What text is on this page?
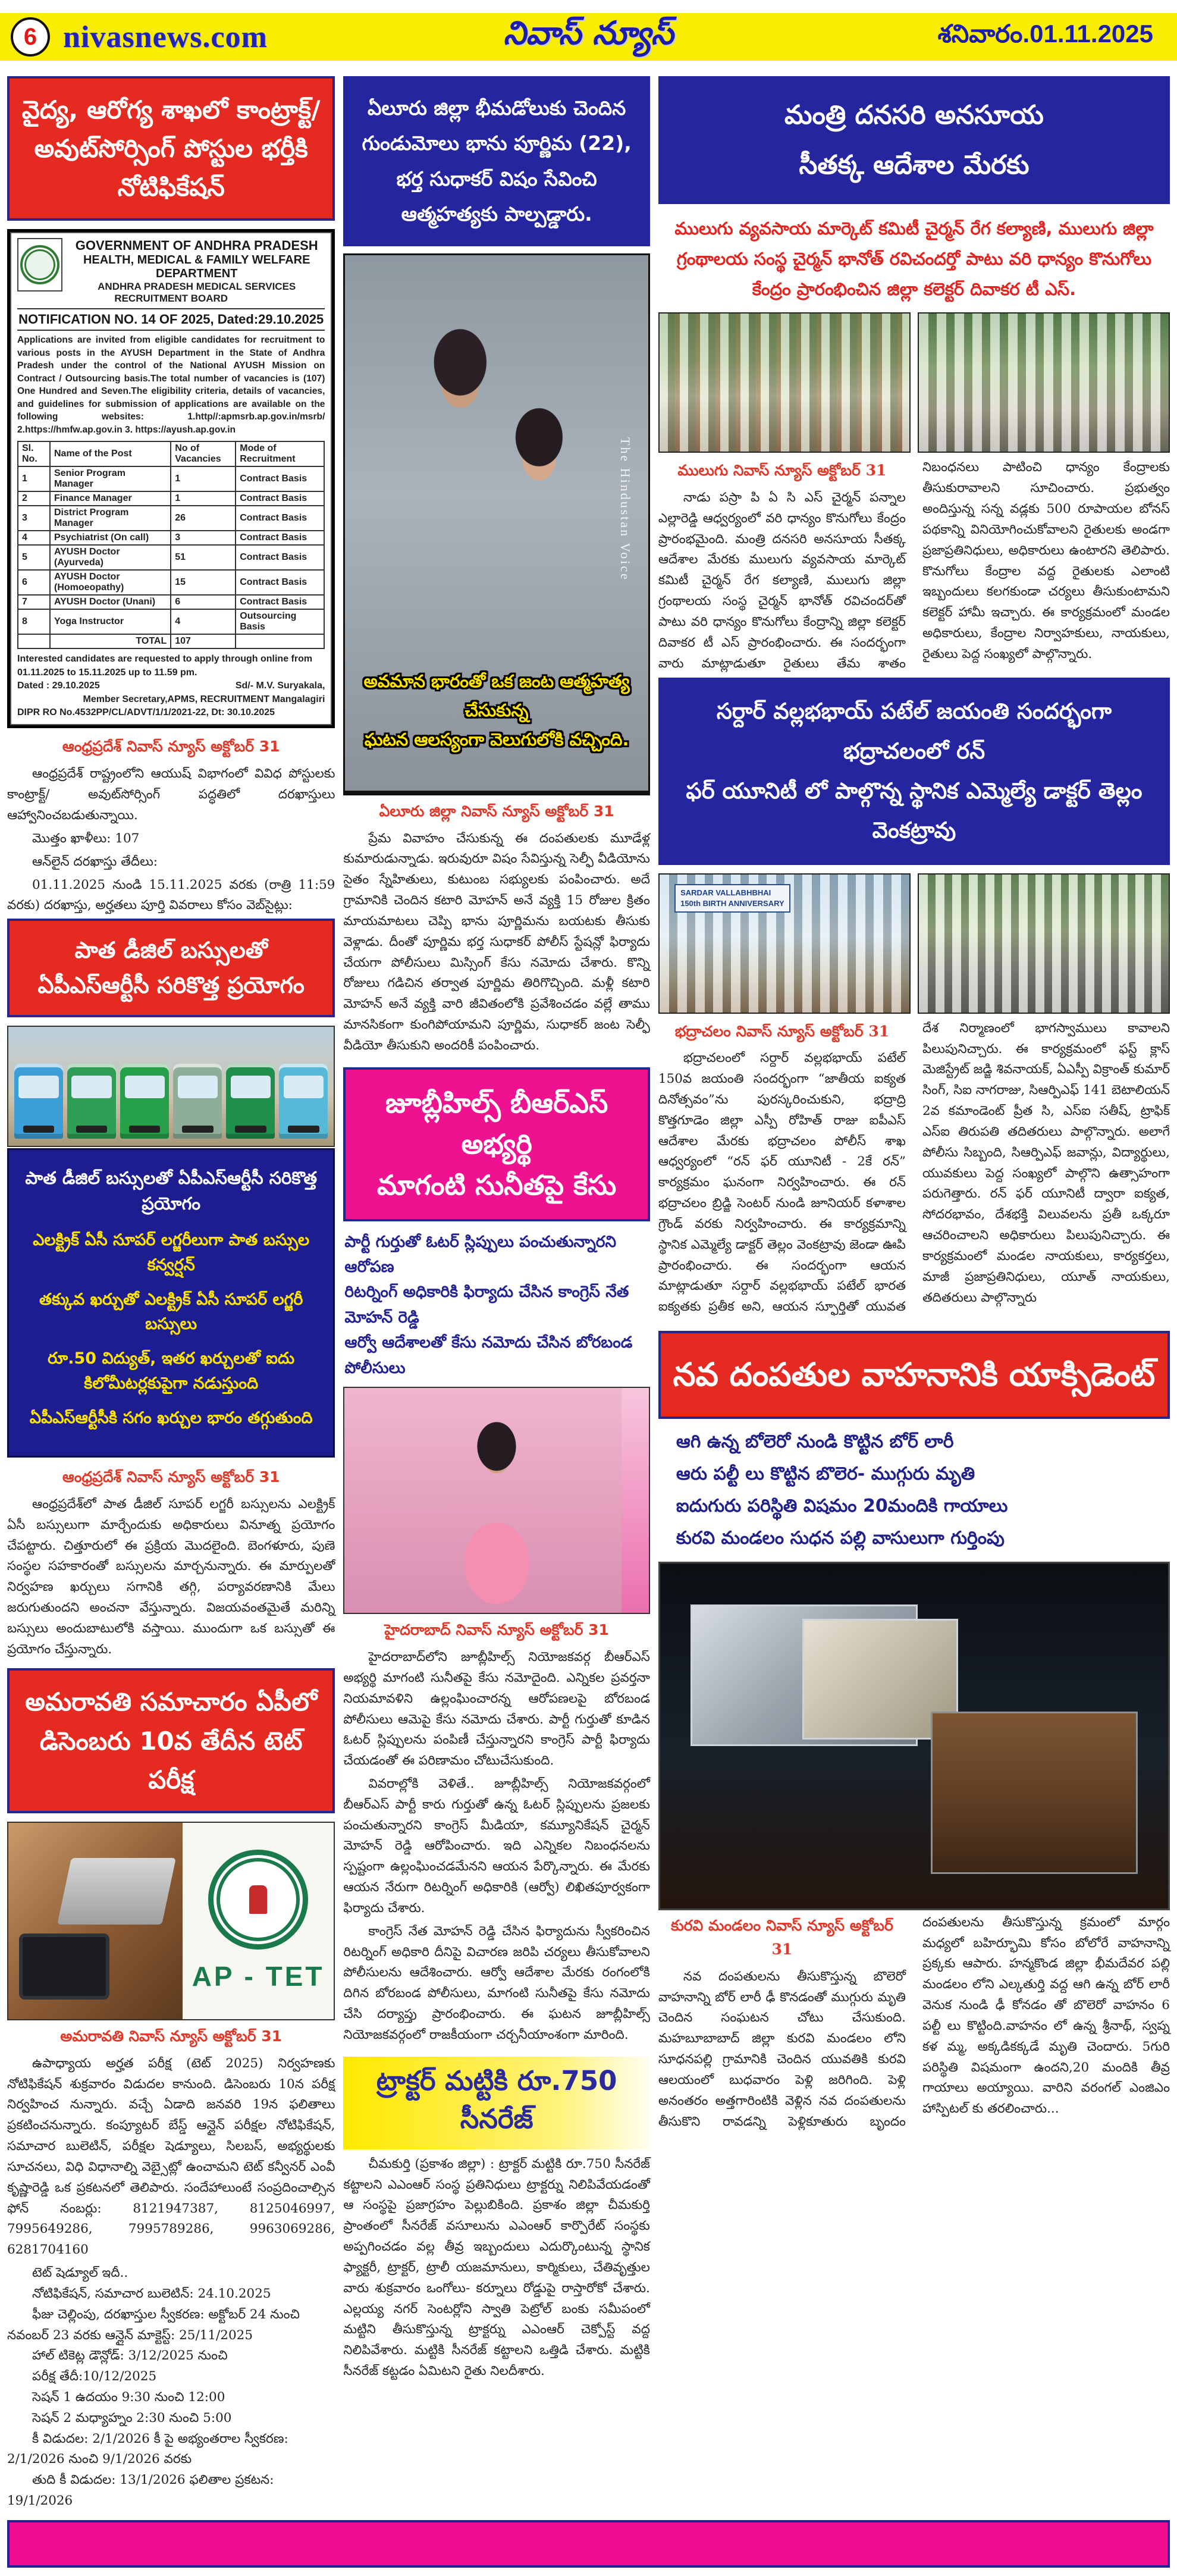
6 nivasnews.com	నివాస్ న్యూస్	శనివారం.01.11.2025
వైద్య, ఆరోగ్య శాఖలో కాంట్రాక్ట్/
అవుట్‌సోర్సింగ్ పోస్టుల భర్తీకి నోటిఫికేషన్
GOVERNMENT OF ANDHRA PRADESH
HEALTH, MEDICAL & FAMILY WELFARE DEPARTMENT
ANDHRA PRADESH MEDICAL SERVICES RECRUITMENT BOARD
NOTIFICATION NO. 14 OF 2025, Dated:29.10.2025
Applications are invited from eligible candidates for recruitment to various posts in the AYUSH Department in the State of Andhra Pradesh under the control of the National AYUSH Mission on Contract / Outsourcing basis.The total number of vacancies is (107) One Hundred and Seven.The eligibility criteria, details of vacancies, and guidelines for submission of applications are available on the following websites: 1.http//:apmsrb.ap.gov.in/msrb/ 2.https://hmfw.ap.gov.in 3. https://ayush.ap.gov.in
Sl. No.	Name of the Post	No of Vacancies	Mode of Recruitment
1	Senior Program Manager	1	Contract Basis
2	Finance Manager	1	Contract Basis
3	District Program Manager	26	Contract Basis
4	Psychiatrist (On call)	3	Contract Basis
5	AYUSH Doctor (Ayurveda)	51	Contract Basis
6	AYUSH Doctor (Homoeopathy)	15	Contract Basis
7	AYUSH Doctor (Unani)	6	Contract Basis
8	Yoga Instructor	4	Outsourcing Basis
	TOTAL	107	
Interested candidates are requested to apply through online from 01.11.2025 to 15.11.2025 up to 11.59 pm.
Dated : 29.10.2025	Sd/- M.V. Suryakala,
Member Secretary,APMS, RECRUITMENT Mangalagiri
DIPR RO No.4532PP/CL/ADVT/1/1/2021-22, Dt: 30.10.2025
ఆంధ్రప్రదేశ్ నివాస్ న్యూస్ అక్టోబర్ 31

ఆంధ్రప్రదేశ్ రాష్ట్రంలోని ఆయుష్ విభాగంలో వివిధ పోస్టులకు కాంట్రాక్ట్/ అవుట్‌సోర్సింగ్ పద్ధతిలో దరఖాస్తులు ఆహ్వానించబడుతున్నాయి.

మొత్తం ఖాళీలు: 107

ఆన్‌లైన్ దరఖాస్తు తేదీలు:

01.11.2025 నుండి 15.11.2025 వరకు (రాత్రి 11:59 వరకు) దరఖాస్తు, అర్హతలు పూర్తి వివరాలు కోసం వెబ్‌సైట్లు:

పాత డీజిల్ బస్సులతో
ఏపీఎస్ఆర్టీసీ సరికొత్త ప్రయోగం
పాత డీజిల్ బస్సులతో ఏపీఎస్ఆర్టీసీ సరికొత్త ప్రయోగం
ఎలక్ట్రిక్ ఏసీ సూపర్ లగ్జరీలుగా పాత బస్సుల కన్వర్షన్
తక్కువ ఖర్చుతో ఎలక్ట్రిక్ ఏసీ సూపర్ లగ్జరీ బస్సులు
రూ.50 విద్యుత్, ఇతర ఖర్చులతో ఐదు కిలోమీటర్లకుపైగా నడుస్తుంది
ఏపీఎస్ఆర్టీసీకి సగం ఖర్చుల భారం తగ్గుతుంది
ఆంధ్రప్రదేశ్ నివాస్ న్యూస్ అక్టోబర్ 31

ఆంధ్రప్రదేశ్‌లో పాత డీజిల్ సూపర్ లగ్జరీ బస్సులను ఎలక్ట్రిక్ ఏసీ బస్సులుగా మార్చేందుకు అధికారులు వినూత్న ప్రయోగం చేపట్టారు. చిత్తూరులో ఈ ప్రక్రియ మొదలైంది. బెంగళూరు, పుణె సంస్థల సహకారంతో బస్సులను మార్చనున్నారు. ఈ మార్పులతో నిర్వహణ ఖర్చులు సగానికి తగ్గి, పర్యావరణానికి మేలు జరుగుతుందని అంచనా వేస్తున్నారు. విజయవంతమైతే మరిన్ని బస్సులు అందుబాటులోకి వస్తాయి. ముందుగా ఒక బస్సుతో ఈ ప్రయోగం చేస్తున్నారు.

అమరావతి సమాచారం ఏపీలో
డిసెంబరు 10వ తేదీన టెట్ పరీక్ష
AP - TET
అమరావతి నివాస్ న్యూస్ అక్టోబర్ 31

ఉపాధ్యాయ అర్హత పరీక్ష (టెట్ 2025) నిర్వహణకు నోటిఫికేషన్ శుక్రవారం విడుదల కానుంది. డిసెంబరు 10న పరీక్ష నిర్వహించ నున్నారు. వచ్చే ఏడాది జనవరి 19న ఫలితాలు ప్రకటించనున్నారు. కంప్యూటర్ బేస్డ్ ఆన్లైన్ పరీక్షల నోటిఫికేషన్, సమాచార బులెటిన్, పరీక్షల షెడ్యూలు, సిలబస్, అభ్యర్థులకు సూచనలు, విధి విధానాల్ని వెబ్సైట్లో ఉంచామని టెట్ కన్వీనర్ ఎంవీ కృష్ణారెడ్డి ఒక ప్రకటనలో తెలిపారు. సందేహాలుంటే సంప్రదించాల్సిన ఫోన్ నంబర్లు: 8121947387, 8125046997, 7995649286, 7995789286, 9963069286, 6281704160

టెట్ షెడ్యూల్ ఇదీ..
నోటిఫికేషన్, సమాచార బులెటిన్: 24.10.2025
ఫీజు చెల్లింపు, దరఖాస్తుల స్వీకరణ: అక్టోబర్ 24 నుంచి నవంబర్ 23 వరకు ఆన్లైన్ మాక్టెస్ట్: 25/11/2025
హాల్ టికెట్ల డౌన్లోడ్: 3/12/2025 నుంచి
పరీక్ష తేదీ:10/12/2025
సెషన్ 1 ఉదయం 9:30 నుంచి 12:00
సెషన్ 2 మధ్యాహ్నం 2:30 నుంచి 5:00
కీ విడుదల: 2/1/2026 కీ పై అభ్యంతరాల స్వీకరణ: 2/1/2026 నుంచి 9/1/2026 వరకు
తుది కీ విడుదల: 13/1/2026 ఫలితాల ప్రకటన: 19/1/2026
ఏలూరు జిల్లా భీమడోలుకు చెందిన గుండుమోలు భాను పూర్ణిమ (22), భర్త సుధాకర్ విషం సేవించి ఆత్మహత్యకు పాల్పడ్డారు.
The Hindustan Voice
అవమాన భారంతో ఒక జంట ఆత్మహత్య చేసుకున్న
ఘటన ఆలస్యంగా వెలుగులోకి వచ్చింది.
ఏలూరు జిల్లా నివాస్ న్యూస్ అక్టోబర్ 31

ప్రేమ వివాహం చేసుకున్న ఈ దంపతులకు మూడేళ్ల కుమారుడున్నాడు. ఇరువురూ విషం సేవిస్తున్న సెల్ఫీ వీడియోను సైతం స్నేహితులు, కుటుంబ సభ్యులకు పంపించారు. అదే గ్రామానికి చెందిన కటారి మోహన్ అనే వ్యక్తి 15 రోజుల క్రితం మాయమాటలు చెప్పి భాను పూర్ణిమను బయటకు తీసుకు వెళ్లాడు. దీంతో పూర్ణిమ భర్త సుధాకర్ పోలీస్ స్టేషన్లో ఫిర్యాదు చేయగా పోలీసులు మిస్సింగ్ కేసు నమోదు చేశారు. కొన్ని రోజులు గడిచిన తర్వాత పూర్ణిమ తిరిగొచ్చింది. మళ్లీ కటారి మోహన్ అనే వ్యక్తి వారి జీవితంలోకి ప్రవేశించడం వల్లే తాము మానసికంగా కుంగిపోయామని పూర్ణిమ, సుధాకర్ జంట సెల్ఫీ వీడియో తీసుకుని అందరికీ పంపించారు.

జూబ్లీహిల్స్ బీఆర్ఎస్ అభ్యర్థి
మాగంటి సునీతపై కేసు
పార్టీ గుర్తుతో ఓటర్ స్లిప్పులు పంచుతున్నారని ఆరోపణ
రిటర్నింగ్ అధికారికి ఫిర్యాదు చేసిన కాంగ్రెస్ నేత మోహన్ రెడ్డి
ఆర్వో ఆదేశాలతో కేసు నమోదు చేసిన బోరబండ పోలీసులు
హైదరాబాద్ నివాస్ న్యూస్ అక్టోబర్ 31

హైదరాబాద్‌లోని జూబ్లీహిల్స్ నియోజకవర్గ బీఆర్ఎస్ అభ్యర్థి మాగంటి సునీతపై కేసు నమోదైంది. ఎన్నికల ప్రవర్తనా నియమావళిని ఉల్లంఘించారన్న ఆరోపణలపై బోరబండ పోలీసులు ఆమెపై కేసు నమోదు చేశారు. పార్టీ గుర్తుతో కూడిన ఓటర్ స్లిప్పులను పంపిణీ చేస్తున్నారని కాంగ్రెస్ పార్టీ ఫిర్యాదు చేయడంతో ఈ పరిణామం చోటుచేసుకుంది.

వివరాల్లోకి వెళితే.. జూబ్లీహిల్స్ నియోజకవర్గంలో బీఆర్ఎస్ పార్టీ కారు గుర్తుతో ఉన్న ఓటర్ స్లిప్పులను ప్రజలకు పంచుతున్నారని కాంగ్రెస్ మీడియా, కమ్యూనికేషన్ చైర్మన్ మోహన్ రెడ్డి ఆరోపించారు. ఇది ఎన్నికల నిబంధనలను స్పష్టంగా ఉల్లంఘించడమేనని ఆయన పేర్కొన్నారు. ఈ మేరకు ఆయన నేరుగా రిటర్నింగ్ అధికారికి (ఆర్వో) లిఖితపూర్వకంగా ఫిర్యాదు చేశారు.

కాంగ్రెస్ నేత మోహన్ రెడ్డి చేసిన ఫిర్యాదును స్వీకరించిన రిటర్నింగ్ అధికారి దీనిపై విచారణ జరిపి చర్యలు తీసుకోవాలని పోలీసులను ఆదేశించారు. ఆర్వో ఆదేశాల మేరకు రంగంలోకి దిగిన బోరబండ పోలీసులు, మాగంటి సునీతపై కేసు నమోదు చేసి దర్యాప్తు ప్రారంభించారు. ఈ ఘటన జూబ్లీహిల్స్ నియోజకవర్గంలో రాజకీయంగా చర్చనీయాంశంగా మారింది.

ట్రాక్టర్ మట్టికి రూ.750 సీనరేజ్

చీమకుర్తి (ప్రకాశం జిల్లా) : ట్రాక్టర్ మట్టికి రూ.750 సీనరేజ్ కట్టాలని ఎఎంఆర్ సంస్థ ప్రతినిధులు ట్రాక్టర్ను నిలిపివేయడంతో ఆ సంస్థపై ప్రజాగ్రహం పెల్లుబికింది. ప్రకాశం జిల్లా చీమకుర్తి ప్రాంతంలో సీనరేజ్ వసూలును ఎఎంఆర్ కార్పొరేట్ సంస్థకు అప్పగించడం వల్ల తీవ్ర ఇబ్బందులు ఎదుర్కొంటున్న స్థానిక ఫ్యాక్టరీ, ట్రాక్టర్, ట్రాలీ యజమానులు, కార్మికులు, చేతివృత్తుల వారు శుక్రవారం ఒంగోలు- కర్నూలు రోడ్డుపై రాస్తారోకో చేశారు. ఎల్లయ్య నగర్ సెంటర్లోని స్వాతి పెట్రోల్ బంకు సమీపంలో మట్టిని తీసుకొస్తున్న ట్రాక్టర్ను ఎఎంఆర్ చెక్పోస్ట్ వద్ద నిలిపివేశారు. మట్టికి సీనరేజ్ కట్టాలని ఒత్తిడి చేశారు. మట్టికి సీనరేజ్ కట్టడం ఏమిటని రైతు నిలదీశారు.

మంత్రి దనసరి అనసూయ
సీతక్క ఆదేశాల మేరకు
ములుగు వ్యవసాయ మార్కెట్ కమిటీ చైర్మన్ రేగ కల్యాణి, ములుగు జిల్లా గ్రంథాలయ సంస్థ చైర్మన్ భానోత్ రవిచందర్తో పాటు వరి ధాన్యం కొనుగోలు కేంద్రం ప్రారంభించిన జిల్లా కలెక్టర్ దివాకర టీ ఎస్.
ములుగు నివాస్ న్యూస్ అక్టోబర్ 31

నాడు పస్రా పి ఏ సి ఎస్ చైర్మన్ పన్నాల ఎల్లారెడ్డి ఆధ్వర్యంలో వరి ధాన్యం కొనుగోలు కేంద్రం ప్రారంభమైంది. మంత్రి దనసరి అనసూయ సీతక్క ఆదేశాల మేరకు ములుగు వ్యవసాయ మార్కెట్ కమిటీ చైర్మన్ రేగ కల్యాణి, ములుగు జిల్లా గ్రంథాలయ సంస్థ చైర్మన్ భానోత్ రవిచందర్‌తో పాటు వరి ధాన్యం కొనుగోలు కేంద్రాన్ని జిల్లా కలెక్టర్ దివాకర టీ ఎస్ ప్రారంభించారు. ఈ సందర్భంగా వారు మాట్లాడుతూ రైతులు తేమ శాతం నిబంధనలు పాటించి ధాన్యం కేంద్రాలకు తీసుకురావాలని సూచించారు. ప్రభుత్వం అందిస్తున్న సన్న వడ్లకు 500 రూపాయల బోనస్ పథకాన్ని వినియోగించుకోవాలని రైతులకు అండగా ప్రజాప్రతినిధులు, అధికారులు ఉంటారని తెలిపారు. కొనుగోలు కేంద్రాల వద్ద రైతులకు ఎలాంటి ఇబ్బందులు కలగకుండా చర్యలు తీసుకుంటామని కలెక్టర్ హామీ ఇచ్చారు. ఈ కార్యక్రమంలో మండల అధికారులు, కేంద్రాల నిర్వాహకులు, నాయకులు, రైతులు పెద్ద సంఖ్యలో పాల్గొన్నారు.

సర్దార్ వల్లభభాయ్ పటేల్ జయంతి సందర్భంగా భద్రాచలంలో రన్
ఫర్ యూనిటీ లో పాల్గొన్న స్థానిక ఎమ్మెల్యే డాక్టర్ తెల్లం వెంకట్రావు
SARDAR VALLABHBHAI
150th BIRTH ANNIVERSARY
భద్రాచలం నివాస్ న్యూస్ అక్టోబర్ 31

భద్రాచలంలో సర్దార్ వల్లభభాయ్ పటేల్ 150వ జయంతి సందర్భంగా “జాతీయ ఐక్యత దినోత్సవం”ను పురస్కరించుకుని, భద్రాద్రి కొత్తగూడెం జిల్లా ఎస్పీ రోహిత్ రాజు ఐపీఎస్ ఆదేశాల మేరకు భద్రాచలం పోలీస్ శాఖ ఆధ్వర్యంలో “రన్ ఫర్ యూనిటీ - 2కే రన్” కార్యక్రమం ఘనంగా నిర్వహించారు. ఈ రన్ భద్రాచలం బ్రిడ్జి సెంటర్ నుండి జూనియర్ కళాశాల గ్రౌండ్ వరకు నిర్వహించారు. ఈ కార్యక్రమాన్ని స్థానిక ఎమ్మెల్యే డాక్టర్ తెల్లం వెంకట్రావు జెండా ఊపి ప్రారంభించారు. ఈ సందర్భంగా ఆయన మాట్లాడుతూ సర్దార్ వల్లభభాయ్ పటేల్ భారత ఐక్యతకు ప్రతీక అని, ఆయన స్ఫూర్తితో యువత దేశ నిర్మాణంలో భాగస్వాములు కావాలని పిలుపునిచ్చారు. ఈ కార్యక్రమంలో ఫస్ట్ క్లాస్ మెజిస్ట్రేట్ జడ్జి శివనాయక్, ఏఎస్పీ విక్రాంత్ కుమార్ సింగ్, సిఐ నాగరాజు, సిఆర్పిఎఫ్ 141 బెటాలియన్ 2వ కమాండెంట్ ప్రీత సి, ఎస్ఐ సతీష్, ట్రాఫిక్ ఎస్ఐ తిరుపతి తదితరులు పాల్గొన్నారు. అలాగే పోలీసు సిబ్బంది, సిఆర్పిఎఫ్ జవాన్లు, విద్యార్థులు, యువకులు పెద్ద సంఖ్యలో పాల్గొని ఉత్సాహంగా పరుగెత్తారు. రన్ ఫర్ యూనిటీ ద్వారా ఐక్యత, సోదరభావం, దేశభక్తి విలువలను ప్రతీ ఒక్కరూ ఆచరించాలని అధికారులు పిలుపునిచ్చారు. ఈ కార్యక్రమంలో మండల నాయకులు, కార్యకర్తలు, మాజీ ప్రజాప్రతినిధులు, యూత్ నాయకులు, తదితరులు పాల్గొన్నారు

నవ దంపతుల వాహనానికి యాక్సిడెంట్
ఆగి ఉన్న బోలెరో నుండి కొట్టిన బోర్ లారీ
ఆరు పల్టీ లు కొట్టిన బొలెర- ముగ్గురు మృతి
ఐదుగురు పరిస్థితి విషమం 20మందికి గాయాలు
కురవి మండలం సుధన పల్లి వాసులుగా గుర్తింపు
కురవి మండలం నివాస్ న్యూస్ అక్టోబర్ 31

నవ దంపతులను తీసుకొస్తున్న బొలెరో వాహనాన్ని బోర్ లారీ ఢీ కొనడంతో ముగ్గురు మృతి చెందిన సంఘటన చోటు చేసుకుంది. మహబూబాబాద్ జిల్లా కురవి మండలం లోని సూధనపల్లి గ్రామానికి చెందిన యువతికి కురవి ఆలయంలో బుధవారం పెళ్లి జరిగింది. పెళ్లి అనంతరం అత్తగారింటికి వెళ్లిన నవ దంపతులను తీసుకొని రావడన్ని పెళ్లికూతురు బృందం దంపతులను తీసుకొస్తున్న క్రమంలో మార్గం మధ్యలో బహిర్భూమి కోసం బోలోరే వాహనాన్ని ప్రక్కకు ఆపారు. హన్మకొండ జిల్లా భీమదేవర పల్లి మండలం లోని ఎల్కతుర్తి వద్ద ఆగి ఉన్న బోర్ లారీ వెనుక నుండి ఢీ కోనడం తో బొలెరో వాహనం 6 పల్టీ లు కొట్టింది.వాహనం లో ఉన్న శ్రీనాథ్, స్వప్న కళ మ్మ, అక్కడికక్కడే మృతి చెందారు. 5గురి పరిస్థితి విషమంగా ఉందని,20 మందికి తీవ్ర గాయాలు అయ్యాయి. వారిని వరంగల్ ఎంజిఎం హాస్పిటల్ కు తరలించారు...
